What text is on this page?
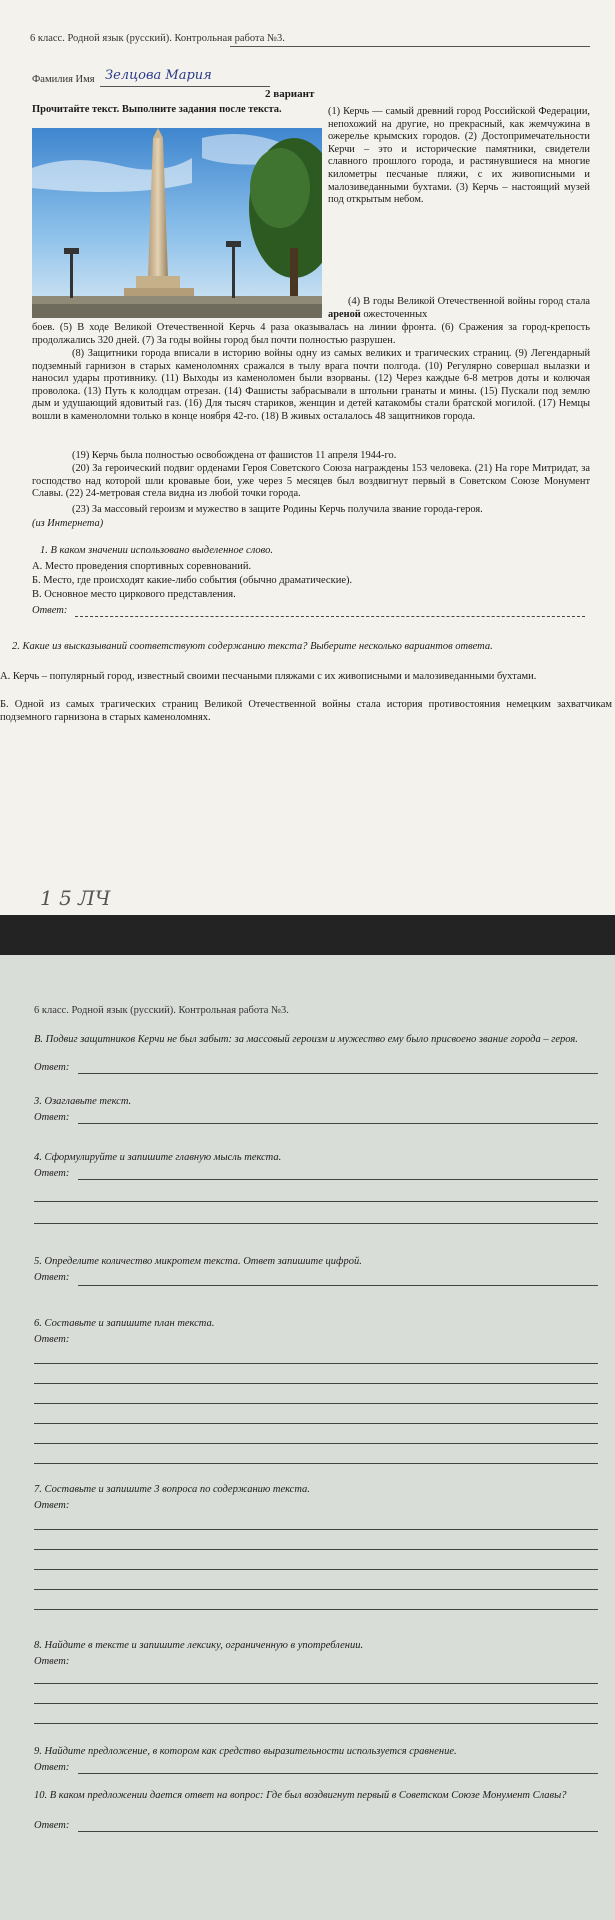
6 класс. Родной язык (русский). Контрольная работа №3.
Фамилия Имя Зелцова Мария
2 вариант
Прочитайте текст. Выполните задания после текста.	(1) Керчь — самый древний город Российской Федерации, непохожий на другие, но прекрасный, как жемчужина в ожерелье крымских городов. (2) Достопримечательности Керчи – это и исторические памятники, свидетели славного прошлого города, и растянувшиеся на многие километры песчаные пляжи, с их живописными и малозиведанными бухтами. (3) Керчь – настоящий музей под открытым небом.
(4) В годы Великой Отечественной войны город стала ареной ожесточенных
боев. (5) В ходе Великой Отечественной Керчь 4 раза оказывалась на линии фронта. (6) Сражения за город-крепость продолжались 320 дней. (7) За годы войны город был почти полностью разрушен.
(8) Защитники города вписали в историю войны одну из самых великих и трагических страниц. (9) Легендарный подземный гарнизон в старых каменоломнях сражался в тылу врага почти полгода. (10) Регулярно совершал вылазки и наносил удары противнику. (11) Выходы из каменоломен были взорваны. (12) Через каждые 6-8 метров доты и колючая проволока. (13) Путь к колодцам отрезан. (14) Фашисты забрасывали в штольни гранаты и мины. (15) Пускали под землю дым и удушающий ядовитый газ. (16) Для тысяч стариков, женщин и детей катакомбы стали братской могилой. (17) Немцы вошли в каменоломни только в конце ноября 42-го. (18) В живых осталалось 48 защитников города.
(19) Керчь была полностью освобождена от фашистов 11 апреля 1944-го.
(20) За героический подвиг орденами Героя Советского Союза награждены 153 человека. (21) На горе Митридат, за господство над которой шли кровавые бои, уже через 5 месяцев был воздвигнут первый в Советском Союзе Монумент Славы. (22) 24-метровая стела видна из любой точки города.
(23) За массовый героизм и мужество в защите Родины Керчь получила звание города-героя.
(из Интернета)
1. В каком значении использовано выделенное слово.
А. Место проведения спортивных соревнований.
Б. Место, где происходят какие-либо события (обычно драматические).
В. Основное место циркового представления.
Ответ:
2. Какие из высказываний соответствуют содержанию текста? Выберите несколько вариантов ответа.
А. Керчь – популярный город, известный своими песчаными пляжами с их живописными и малозиведанными бухтами.
Б. Одной из самых трагических страниц Великой Отечественной войны стала история противостояния немецким захватчикам подземного гарнизона в старых каменоломнях.
1 5 ЛЧ
6 класс. Родной язык (русский). Контрольная работа №3.
В. Подвиг защитников Керчи не был забыт: за массовый героизм и мужество ему было присвоено звание города – героя.
Ответ:
3. Озаглавьте текст.
Ответ:
4. Сформулируйте и запишите главную мысль текста.
Ответ:
5. Определите количество микротем текста. Ответ запишите цифрой.
Ответ:
6. Составьте и запишите план текста.
Ответ:
7. Составьте и запишите 3 вопроса по содержанию текста.
Ответ:
8. Найдите в тексте и запишите лексику, ограниченную в употреблении.
Ответ:
9. Найдите предложение, в котором как средство выразительности используется сравнение.
Ответ:
10. В каком предложении дается ответ на вопрос: Где был воздвигнут первый в Советском Союзе Монумент Славы?
Ответ:
